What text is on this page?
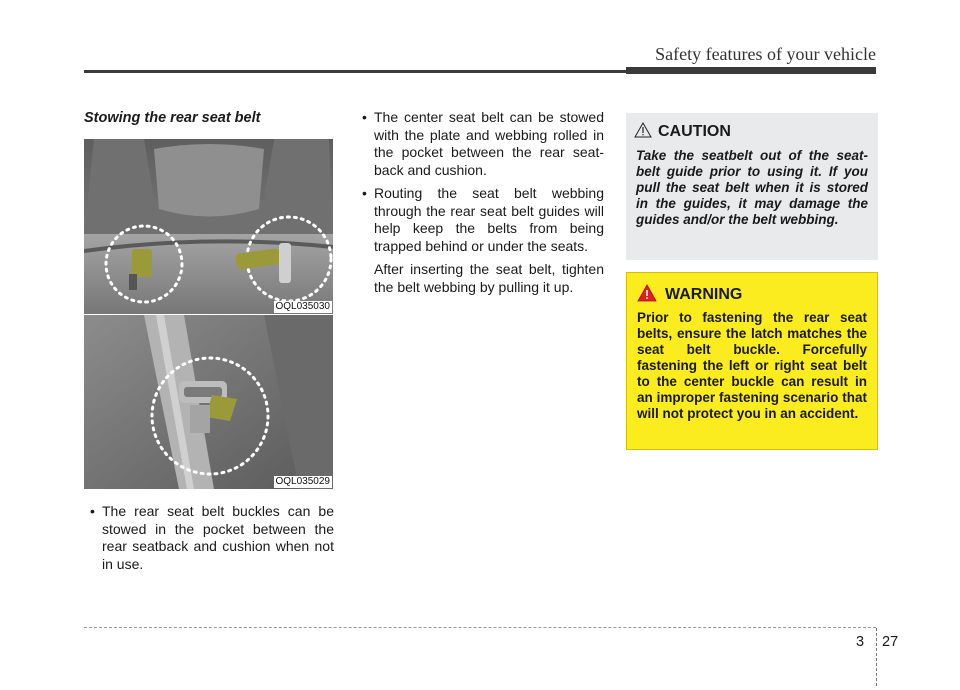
Safety features of your vehicle
Stowing the rear seat belt
OQL035030
OQL035029
• The rear seat belt buckles can be stowed in the pocket between the rear seatback and cushion when not in use.
• The center seat belt can be stowed with the plate and webbing rolled in the pocket between the rear seat-back and cushion.
• Routing the seat belt webbing through the rear seat belt guides will help keep the belts from being trapped behind or under the seats.

After inserting the seat belt, tighten the belt webbing by pulling it up.

CAUTION
Take the seatbelt out of the seat-belt guide prior to using it. If you pull the seat belt when it is stored in the guides, it may damage the guides and/or the belt webbing.
WARNING
Prior to fastening the rear seat belts, ensure the latch matches the seat belt buckle. Forcefully fastening the left or right seat belt to the center buckle can result in an improper fastening scenario that will not protect you in an accident.
3 27
